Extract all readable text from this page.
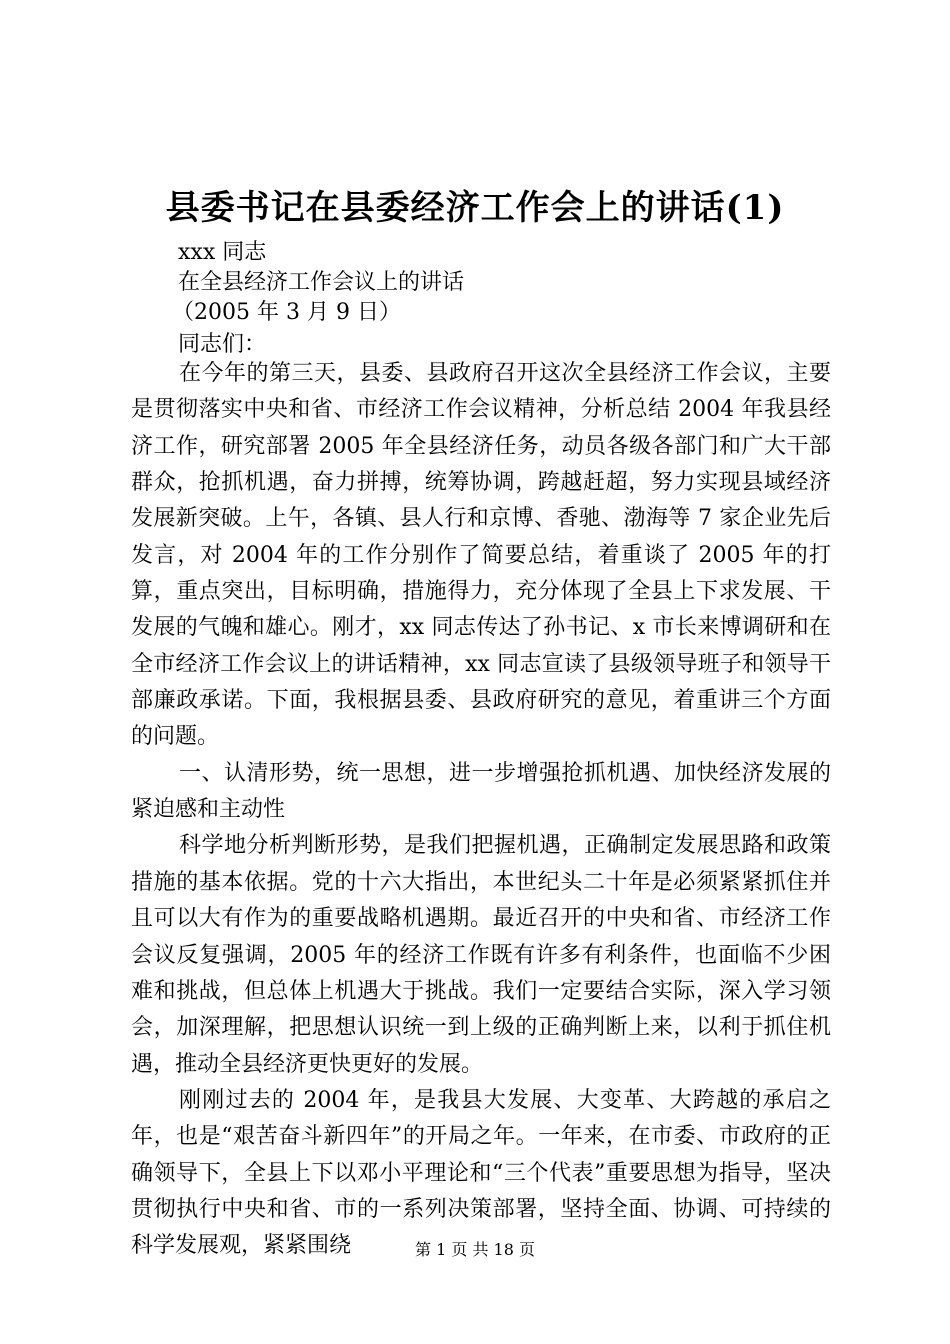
县委书记在县委经济工作会上的讲话(1)
xxx 同志
在全县经济工作会议上的讲话
（2005 年 3 月 9 日）
同志们：

在今年的第三天，县委、县政府召开这次全县经济工作会议，主要是贯彻落实中央和省、市经济工作会议精神，分析总结 2004 年我县经济工作，研究部署 2005 年全县经济任务，动员各级各部门和广大干部群众，抢抓机遇，奋力拼搏，统筹协调，跨越赶超，努力实现县域经济发展新突破。上午，各镇、县人行和京博、香驰、渤海等 7 家企业先后发言，对 2004 年的工作分别作了简要总结，着重谈了 2005 年的打算，重点突出，目标明确，措施得力，充分体现了全县上下求发展、干发展的气魄和雄心。刚才，xx 同志传达了孙书记、x 市长来博调研和在全市经济工作会议上的讲话精神，xx 同志宣读了县级领导班子和领导干部廉政承诺。下面，我根据县委、县政府研究的意见，着重讲三个方面的问题。

一、认清形势，统一思想，进一步增强抢抓机遇、加快经济发展的紧迫感和主动性

科学地分析判断形势，是我们把握机遇，正确制定发展思路和政策措施的基本依据。党的十六大指出，本世纪头二十年是必须紧紧抓住并且可以大有作为的重要战略机遇期。最近召开的中央和省、市经济工作会议反复强调，2005 年的经济工作既有许多有利条件，也面临不少困难和挑战，但总体上机遇大于挑战。我们一定要结合实际，深入学习领会，加深理解，把思想认识统一到上级的正确判断上来，以利于抓住机遇，推动全县经济更快更好的发展。

刚刚过去的 2004 年，是我县大发展、大变革、大跨越的承启之年，也是“艰苦奋斗新四年”的开局之年。一年来，在市委、市政府的正确领导下，全县上下以邓小平理论和“三个代表”重要思想为指导，坚决贯彻执行中央和省、市的一系列决策部署，坚持全面、协调、可持续的科学发展观，紧紧围绕	第 1 页 共 18 页
